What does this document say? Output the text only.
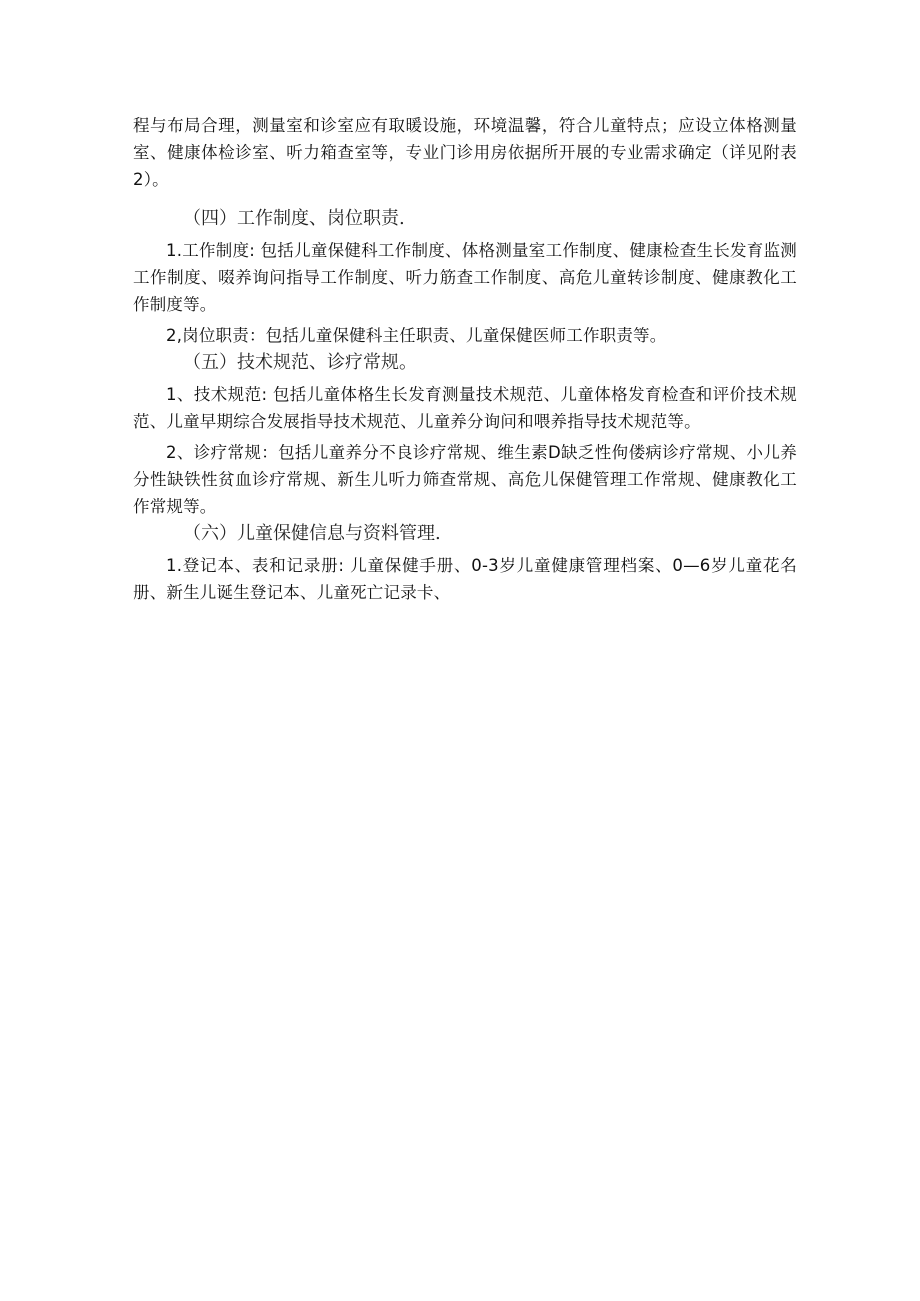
程与布局合理，测量室和诊室应有取暖设施，环境温馨，符合儿童特点；应设立体格测量室、健康体检诊室、听力箱查室等，专业门诊用房依据所开展的专业需求确定（详见附表2）。

（四）工作制度、岗位职责.

1.工作制度: 包括儿童保健科工作制度、体格测量室工作制度、健康检查生长发育监测工作制度、啜养询问指导工作制度、听力筋查工作制度、高危儿童转诊制度、健康教化工作制度等。

2,岗位职责：包括儿童保健科主任职责、儿童保健医师工作职责等。

（五）技术规范、诊疗常规。

1、技术规范: 包括儿童体格生长发育测量技术规范、儿童体格发育检查和评价技术规范、儿童早期综合发展指导技术规范、儿童养分询问和喂养指导技术规范等。

2、诊疗常规：包括儿童养分不良诊疗常规、维生素D缺乏性佝偻病诊疗常规、小儿养分性缺铁性贫血诊疗常规、新生儿听力筛查常规、高危儿保健管理工作常规、健康教化工作常规等。

（六）儿童保健信息与资料管理.

1.登记本、表和记录册: 儿童保健手册、0-3岁儿童健康管理档案、0—6岁儿童花名册、新生儿诞生登记本、儿童死亡记录卡、
